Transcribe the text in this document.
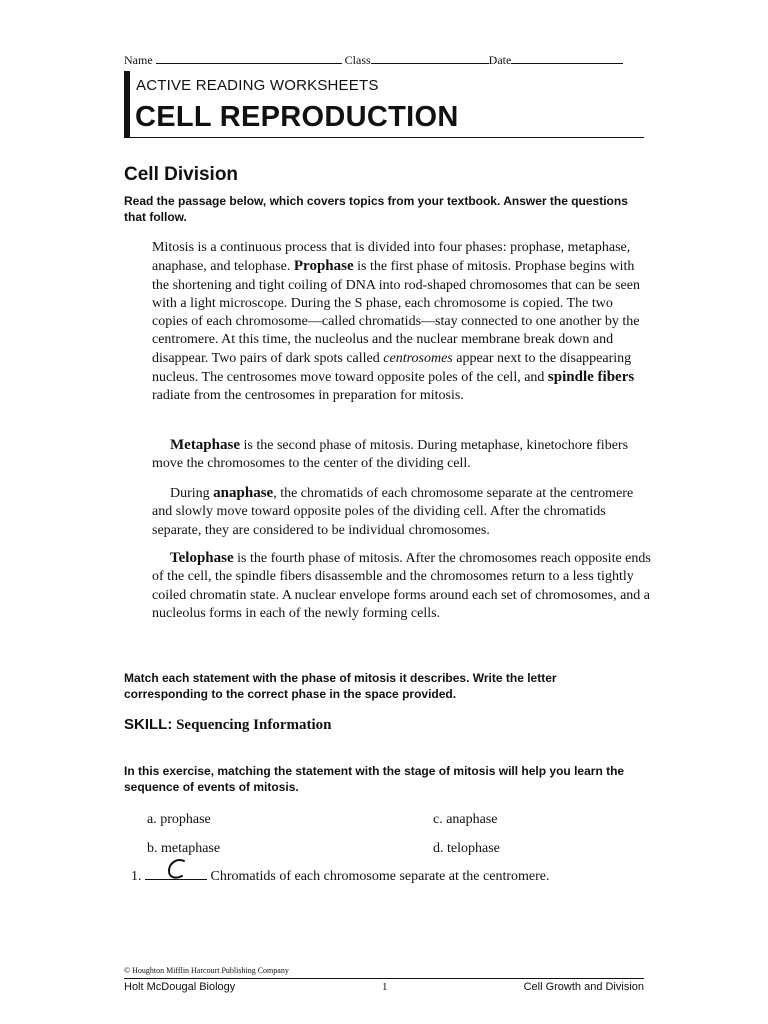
Name	Class	Date
ACTIVE READING WORKSHEETS
CELL REPRODUCTION
Cell Division
Read the passage below, which covers topics from your textbook. Answer the questions that follow.
Mitosis is a continuous process that is divided into four phases: prophase, metaphase, anaphase, and telophase. Prophase is the first phase of mitosis. Prophase begins with the shortening and tight coiling of DNA into rod-shaped chromosomes that can be seen with a light microscope. During the S phase, each chromosome is copied. The two copies of each chromosome—called chromatids—stay connected to one another by the centromere. At this time, the nucleolus and the nuclear membrane break down and disappear. Two pairs of dark spots called centrosomes appear next to the disappearing nucleus. The centrosomes move toward opposite poles of the cell, and spindle fibers radiate from the centrosomes in preparation for mitosis.
Metaphase is the second phase of mitosis. During metaphase, kinetochore fibers move the chromosomes to the center of the dividing cell.
During anaphase, the chromatids of each chromosome separate at the centromere and slowly move toward opposite poles of the dividing cell. After the chromatids separate, they are considered to be individual chromosomes.
Telophase is the fourth phase of mitosis. After the chromosomes reach opposite ends of the cell, the spindle fibers disassemble and the chromosomes return to a less tightly coiled chromatin state. A nuclear envelope forms around each set of chromosomes, and a nucleolus forms in each of the newly forming cells.
Match each statement with the phase of mitosis it describes. Write the letter corresponding to the correct phase in the space provided.
SKILL: Sequencing Information
In this exercise, matching the statement with the stage of mitosis will help you learn the sequence of events of mitosis.
a. prophase	c. anaphase
b. metaphase	d. telophase
1.	Chromatids of each chromosome separate at the centromere.
© Houghton Mifflin Harcourt Publishing Company
Holt McDougal Biology	1	Cell Growth and Division
